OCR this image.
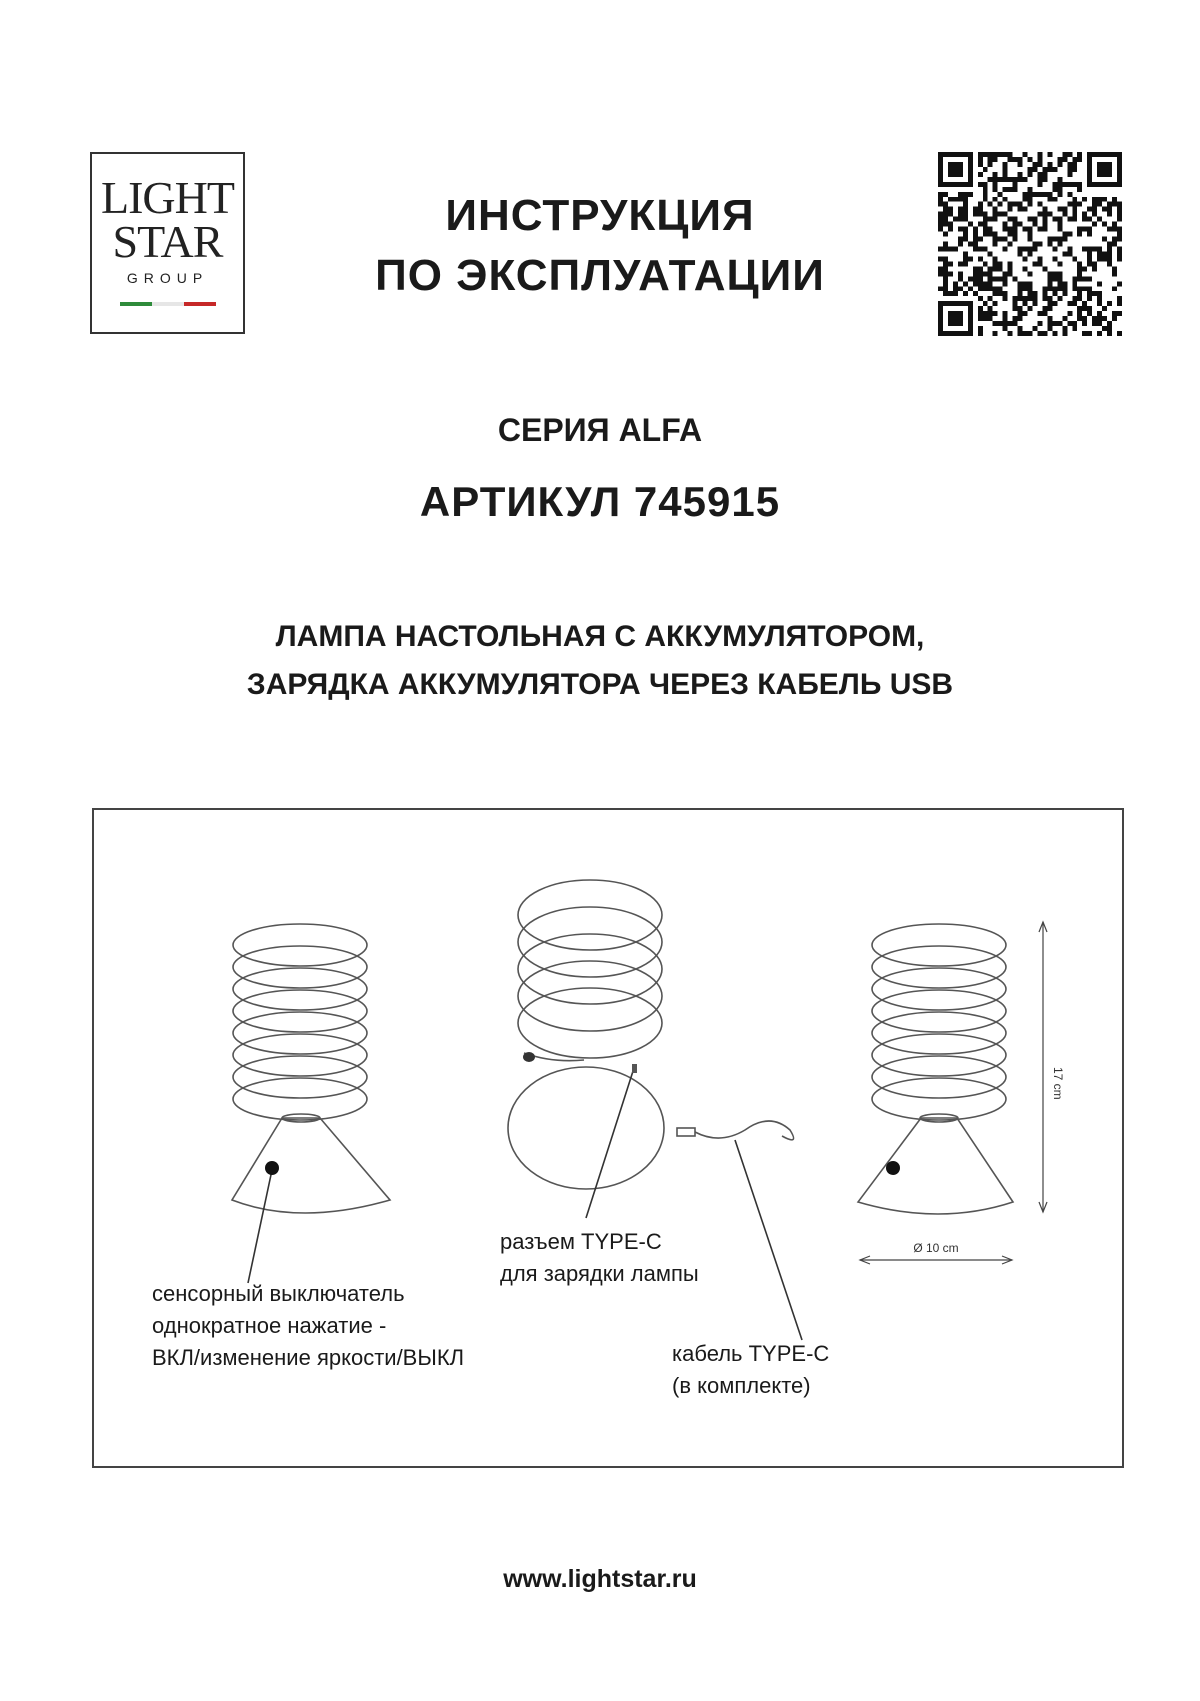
LIGHT
STAR
GROUP
ИНСТРУКЦИЯ
ПО ЭКСПЛУАТАЦИИ
СЕРИЯ ALFA
АРТИКУЛ 745915
ЛАМПА НАСТОЛЬНАЯ С АККУМУЛЯТОРОМ,
ЗАРЯДКА АККУМУЛЯТОРА ЧЕРЕЗ КАБЕЛЬ USB
17 cm
Ø 10 cm
сенсорный выключатель
однократное нажатие -
ВКЛ/изменение яркости/ВЫКЛ
разъем TYPE-C
для зарядки лампы
кабель TYPE-C
(в комплекте)
www.lightstar.ru
